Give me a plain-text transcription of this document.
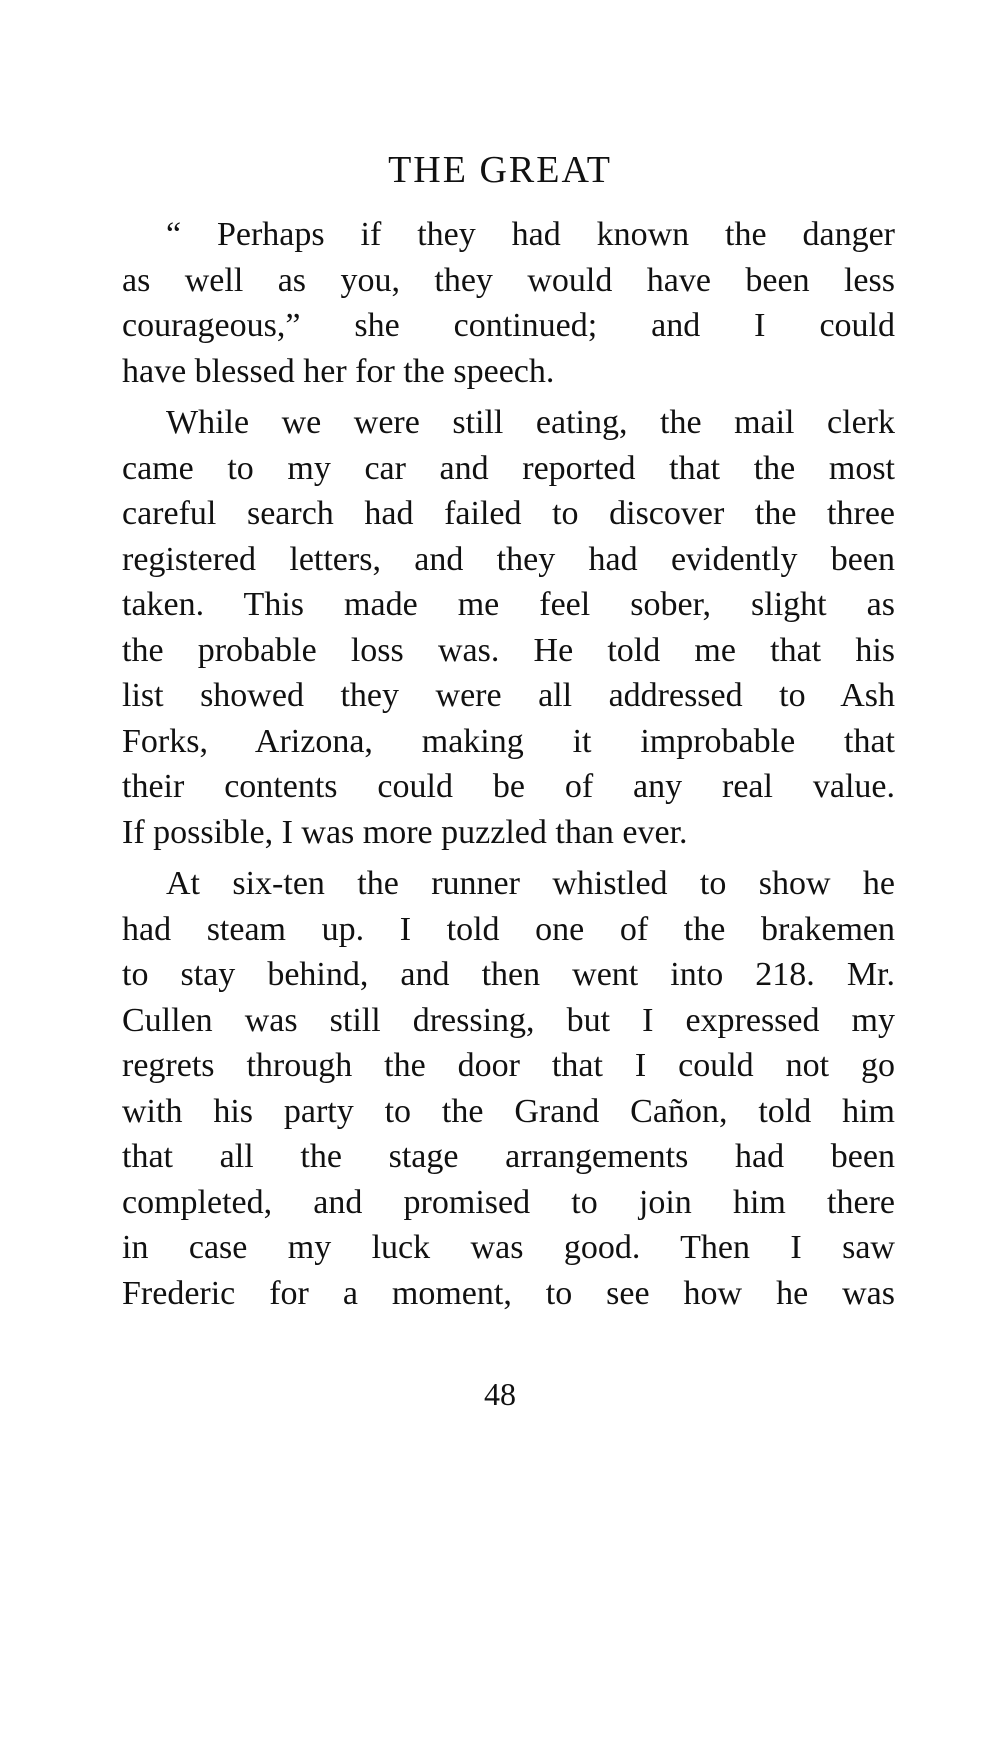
THE GREAT
“ Perhaps if they had known the danger
as well as you, they would have been less
courageous,” she continued; and I could
have blessed her for the speech.
While we were still eating, the mail clerk
came to my car and reported that the most
careful search had failed to discover the three
registered letters, and they had evidently been
taken. This made me feel sober, slight as
the probable loss was. He told me that his
list showed they were all addressed to Ash
Forks, Arizona, making it improbable that
their contents could be of any real value.
If possible, I was more puzzled than ever.
At six-ten the runner whistled to show he
had steam up. I told one of the brakemen
to stay behind, and then went into 218. Mr.
Cullen was still dressing, but I expressed my
regrets through the door that I could not go
with his party to the Grand Cañon, told him
that all the stage arrangements had been
completed, and promised to join him there
in case my luck was good. Then I saw
Frederic for a moment, to see how he was
48
